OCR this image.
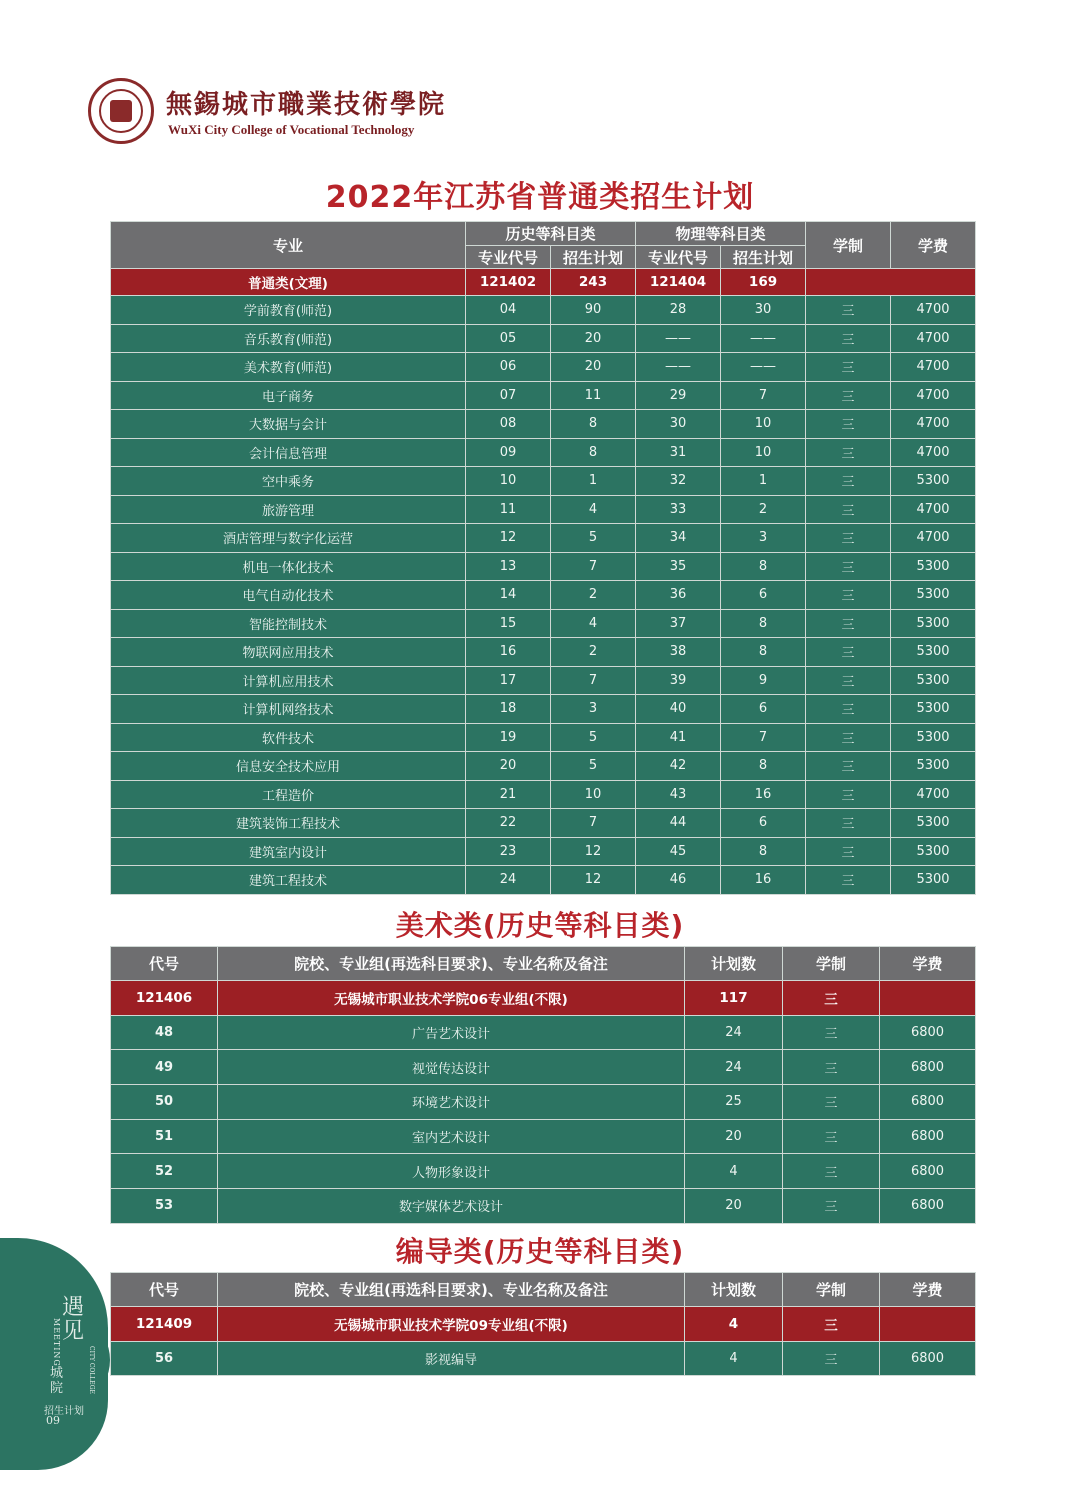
無錫城市職業技術學院
WuXi City College of Vocational Technology
2022年江苏省普通类招生计划
专业	历史等科目类		物理等科目类		学制	学费
	专业代号	招生计划	专业代号	招生计划		
普通类(文理)	121402	243	121404	169		
学前教育(师范)	04	90	28	30	三	4700
音乐教育(师范)	05	20	——	——	三	4700
美术教育(师范)	06	20	——	——	三	4700
电子商务	07	11	29	7	三	4700
大数据与会计	08	8	30	10	三	4700
会计信息管理	09	8	31	10	三	4700
空中乘务	10	1	32	1	三	5300
旅游管理	11	4	33	2	三	4700
酒店管理与数字化运营	12	5	34	3	三	4700
机电一体化技术	13	7	35	8	三	5300
电气自动化技术	14	2	36	6	三	5300
智能控制技术	15	4	37	8	三	5300
物联网应用技术	16	2	38	8	三	5300
计算机应用技术	17	7	39	9	三	5300
计算机网络技术	18	3	40	6	三	5300
软件技术	19	5	41	7	三	5300
信息安全技术应用	20	5	42	8	三	5300
工程造价	21	10	43	16	三	4700
建筑装饰工程技术	22	7	44	6	三	5300
建筑室内设计	23	12	45	8	三	5300
建筑工程技术	24	12	46	16	三	5300
美术类(历史等科目类)
代号	院校、专业组(再选科目要求)、专业名称及备注	计划数	学制	学费
121406	无锡城市职业技术学院06专业组(不限)	117	三	
48	广告艺术设计	24	三	6800
49	视觉传达设计	24	三	6800
50	环境艺术设计	25	三	6800
51	室内艺术设计	20	三	6800
52	人物形象设计	4	三	6800
53	数字媒体艺术设计	20	三	6800
编导类(历史等科目类)
代号	院校、专业组(再选科目要求)、专业名称及备注	计划数	学制	学费
121409	无锡城市职业技术学院09专业组(不限)	4	三	
56	影视编导	4	三	6800
遇见
MEETING
CITY COLLEGE
城院
招生计划
09
